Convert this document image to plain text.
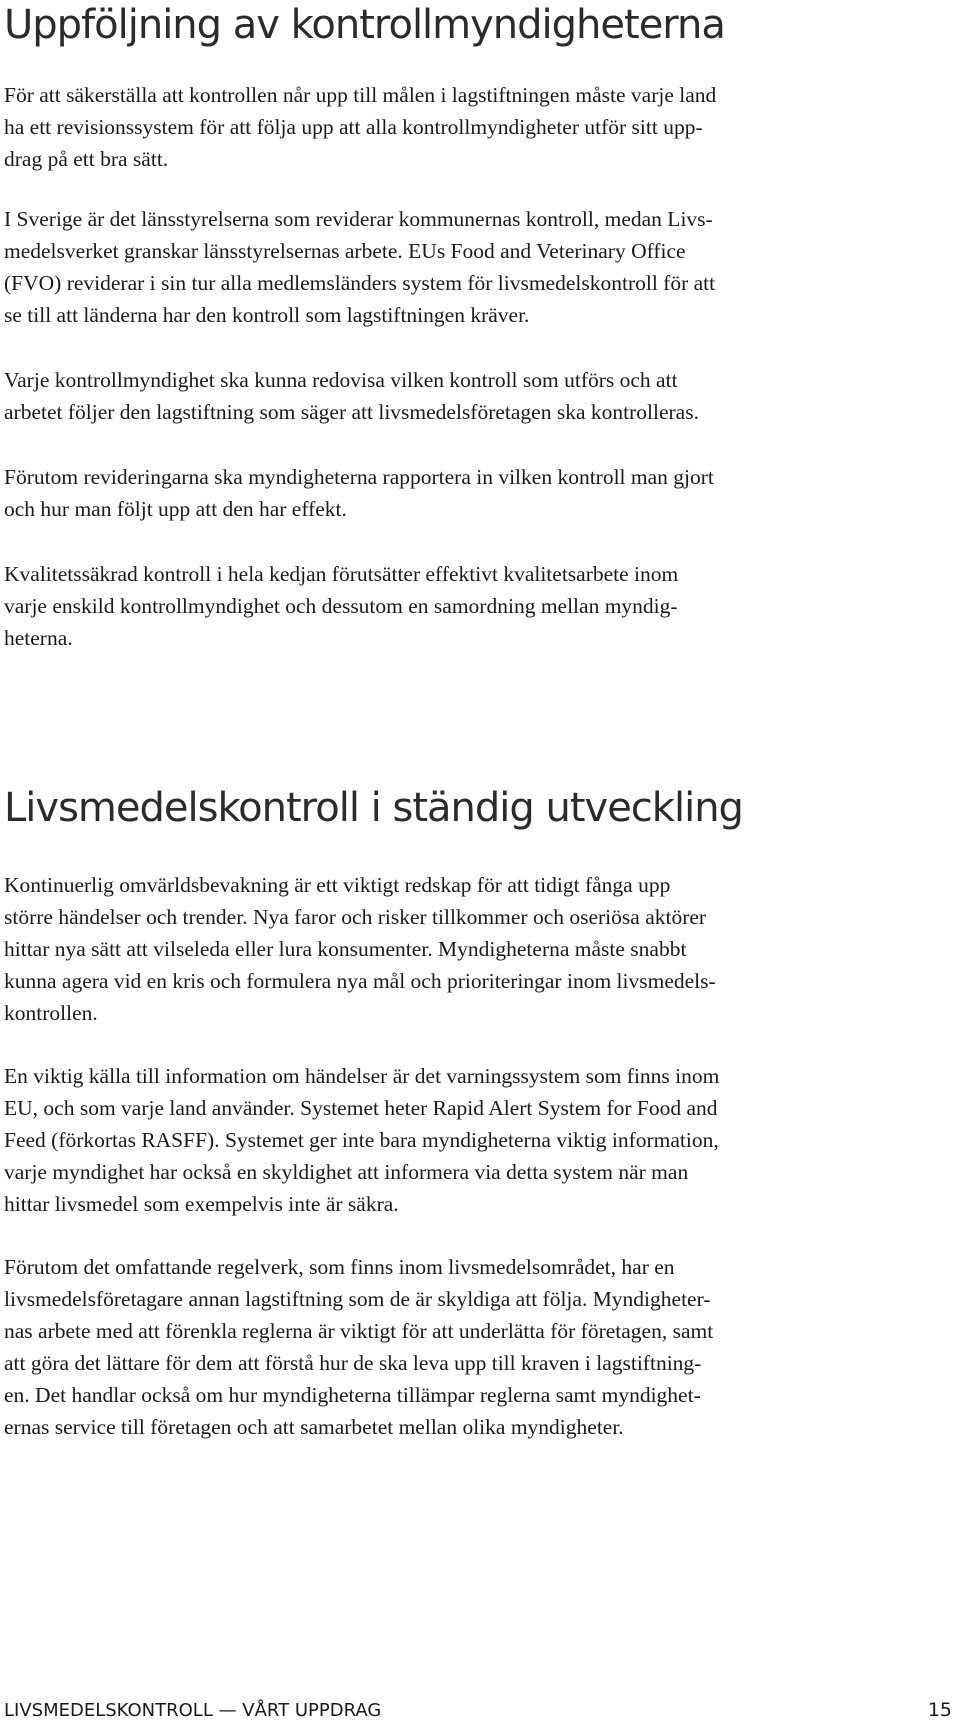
Uppföljning av kontrollmyndigheterna

För att säkerställa att kontrollen når upp till målen i lagstiftningen måste varje land
ha ett revisionssystem för att följa upp att alla kontrollmyndigheter utför sitt upp-
drag på ett bra sätt.

I Sverige är det länsstyrelserna som reviderar kommunernas kontroll, medan Livs-
medelsverket granskar länsstyrelsernas arbete. EUs Food and Veterinary Office
(FVO) reviderar i sin tur alla medlemsländers system för livsmedelskontroll för att
se till att länderna har den kontroll som lagstiftningen kräver.

Varje kontrollmyndighet ska kunna redovisa vilken kontroll som utförs och att
arbetet följer den lagstiftning som säger att livsmedelsföretagen ska kontrolleras.

Förutom revideringarna ska myndigheterna rapportera in vilken kontroll man gjort
och hur man följt upp att den har effekt.

Kvalitetssäkrad kontroll i hela kedjan förutsätter effektivt kvalitetsarbete inom
varje enskild kontrollmyndighet och dessutom en samordning mellan myndig-
heterna.

Livsmedelskontroll i ständig utveckling

Kontinuerlig omvärldsbevakning är ett viktigt redskap för att tidigt fånga upp
större händelser och trender. Nya faror och risker tillkommer och oseriösa aktörer
hittar nya sätt att vilseleda eller lura konsumenter. Myndigheterna måste snabbt
kunna agera vid en kris och formulera nya mål och prioriteringar inom livsmedels-
kontrollen.

En viktig källa till information om händelser är det varningssystem som finns inom
EU, och som varje land använder. Systemet heter Rapid Alert System for Food and
Feed (förkortas RASFF). Systemet ger inte bara myndigheterna viktig information,
varje myndighet har också en skyldighet att informera via detta system när man
hittar livsmedel som exempelvis inte är säkra.

Förutom det omfattande regelverk, som finns inom livsmedelsområdet, har en
livsmedelsföretagare annan lagstiftning som de är skyldiga att följa. Myndigheter-
nas arbete med att förenkla reglerna är viktigt för att underlätta för företagen, samt
att göra det lättare för dem att förstå hur de ska leva upp till kraven i lagstiftning-
en. Det handlar också om hur myndigheterna tillämpar reglerna samt myndighet-
ernas service till företagen och att samarbetet mellan olika myndigheter.

LIVSMEDELSKONTROLL — VÅRT UPPDRAG	15
